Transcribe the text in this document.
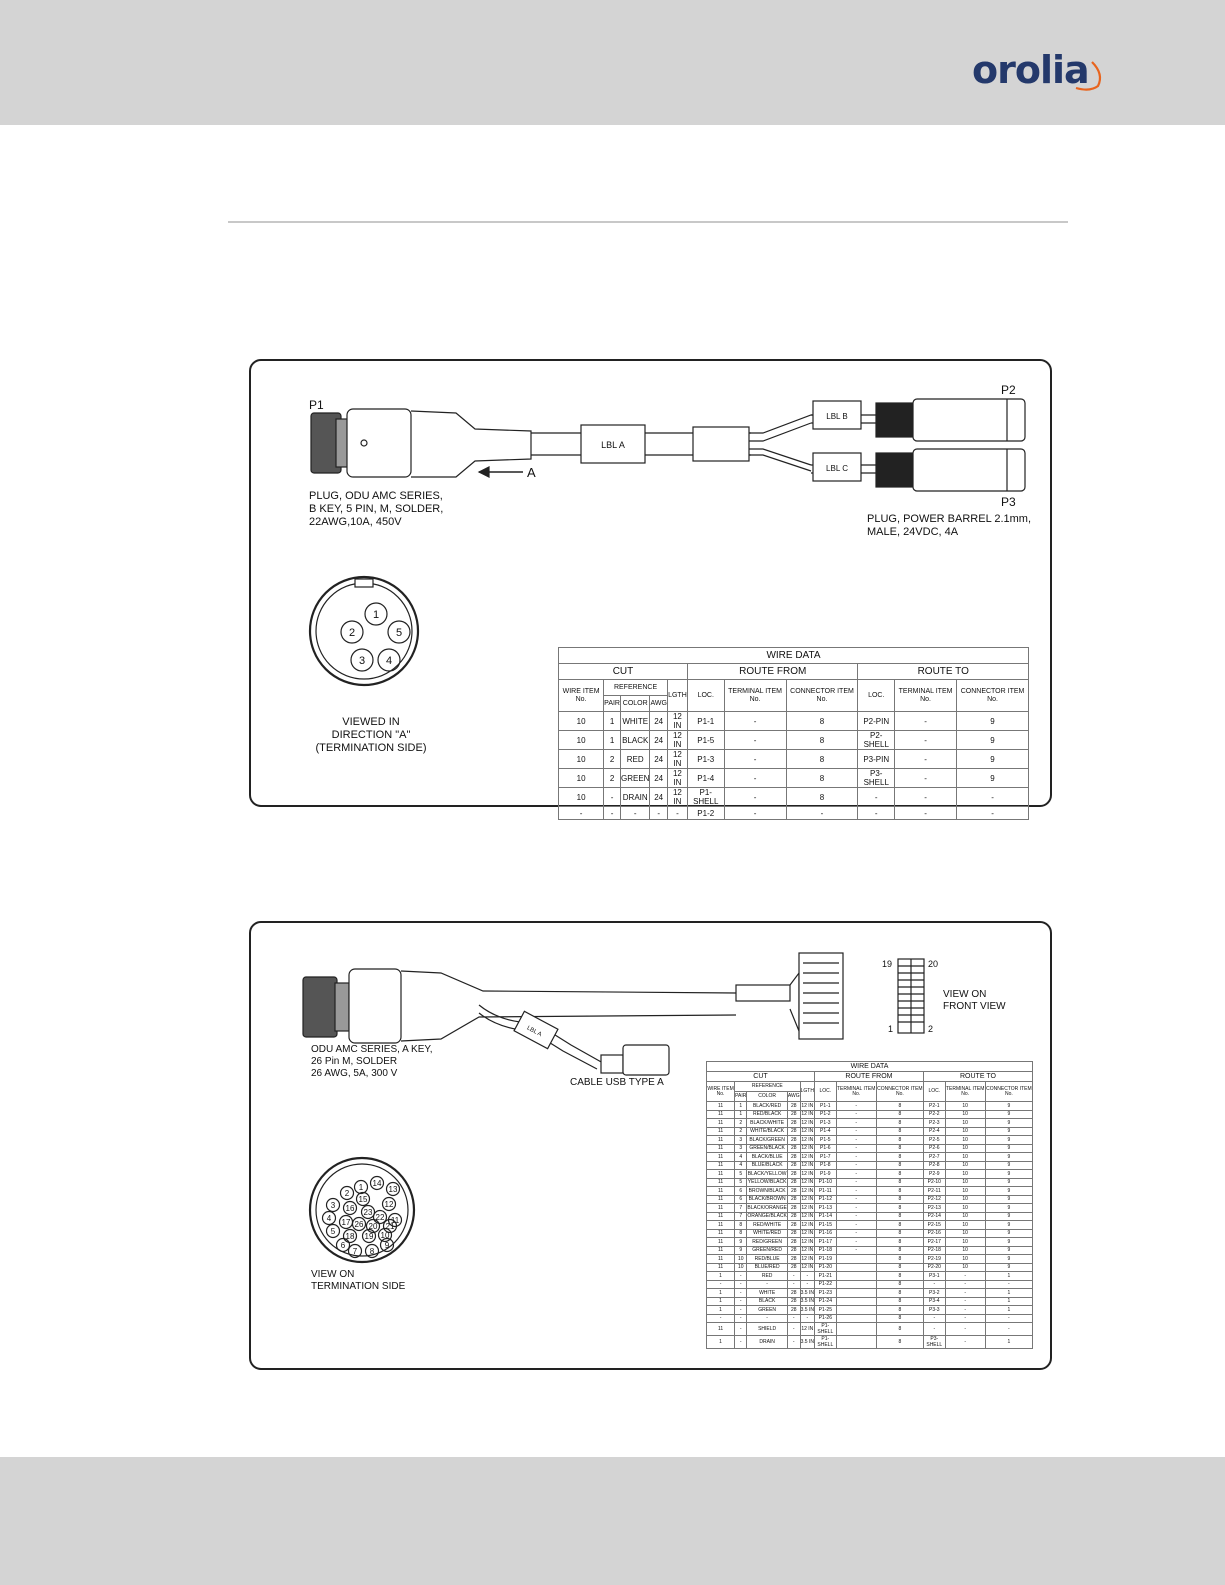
orolia
P1
P2
P3
LBL A
LBL B
LBL C
A
1
2	5
3 4
PLUG, ODU AMC SERIES,
B KEY, 5 PIN, M, SOLDER,
22AWG,10A, 450V	PLUG, POWER BARREL 2.1mm,
MALE, 24VDC, 4A
VIEWED IN DIRECTION "A"
(TERMINATION SIDE)
WIRE DATA										
CUT					ROUTE FROM			ROUTE TO		
WIRE ITEM No.	REFERENCE			LGTH	LOC.	TERMINAL ITEM No.	CONNECTOR ITEM No.	LOC.	TERMINAL ITEM No.	CONNECTOR ITEM No.
	PAIR	COLOR	AWG							
10	1	WHITE	24	12 IN	P1-1	-	8	P2-PIN	-	9
10	1	BLACK	24	12 IN	P1-5	-	8	P2-SHELL	-	9
10	2	RED	24	12 IN	P1-3	-	8	P3-PIN	-	9
10	2	GREEN	24	12 IN	P1-4	-	8	P3-SHELL	-	9
10	-	DRAIN	24	12 IN	P1-SHELL	-	8	-	-	-
-	-	-	-	-	P1-2	-	-	-	-	-
19	20
1	2
LBL A
1 14
2
15
13
3 16 23
12
22
4 17 26 20 21
11
5
18 19 10
6	9
7 8
VIEW ON
FRONT VIEW
ODU AMC SERIES, A KEY,
26 Pin M, SOLDER
26 AWG, 5A, 300 V
CABLE USB TYPE A
VIEW ON
TERMINATION SIDE
WIRE DATA										
CUT					ROUTE FROM			ROUTE TO		
WIRE ITEM No.	REFERENCE			LGTH	LOC.	TERMINAL ITEM No.	CONNECTOR ITEM No.	LOC.	TERMINAL ITEM No.	CONNECTOR ITEM No.
	PAIR	COLOR	AWG							
11	1	BLACK/RED	28	12 IN	P1-1	-	8	P2-1	10	9
11	1	RED/BLACK	28	12 IN	P1-2	-	8	P2-2	10	9
11	2	BLACK/WHITE	28	12 IN	P1-3	-	8	P2-3	10	9
11	2	WHITE/BLACK	28	12 IN	P1-4	-	8	P2-4	10	9
11	3	BLACK/GREEN	28	12 IN	P1-5	-	8	P2-5	10	9
11	3	GREEN/BLACK	28	12 IN	P1-6	-	8	P2-6	10	9
11	4	BLACK/BLUE	28	12 IN	P1-7	-	8	P2-7	10	9
11	4	BLUE/BLACK	28	12 IN	P1-8	-	8	P2-8	10	9
11	5	BLACK/YELLOW	28	12 IN	P1-9	-	8	P2-9	10	9
11	5	YELLOW/BLACK	28	12 IN	P1-10	-	8	P2-10	10	9
11	6	BROWN/BLACK	28	12 IN	P1-11	-	8	P2-11	10	9
11	6	BLACK/BROWN	28	12 IN	P1-12	-	8	P2-12	10	9
11	7	BLACK/ORANGE	28	12 IN	P1-13	-	8	P2-13	10	9
11	7	ORANGE/BLACK	28	12 IN	P1-14	-	8	P2-14	10	9
11	8	RED/WHITE	28	12 IN	P1-15	-	8	P2-15	10	9
11	8	WHITE/RED	28	12 IN	P1-16	-	8	P2-16	10	9
11	9	RED/GREEN	28	12 IN	P1-17	-	8	P2-17	10	9
11	9	GREEN/RED	28	12 IN	P1-18	-	8	P2-18	10	9
11	10	RED/BLUE	28	12 IN	P1-19		8	P2-19	10	9
11	10	BLUE/RED	28	12 IN	P1-20		8	P2-20	10	9
1	-	RED	-	-	P1-21		8	P3-1	-	1
-	-	-	-	-	P1-22		8	-	-	-
1	-	WHITE	28	3.5 IN	P1-23		8	P3-2	-	1
1	-	BLACK	28	3.5 IN	P1-24		8	P3-4	-	1
1	-	GREEN	28	3.5 IN	P1-25		8	P3-3	-	1
-	-	-	-	-	P1-26		8	-	-	-
11	-	SHIELD	-	12 IN	P1-SHELL		8	-	-	-
1	-	DRAIN	-	3.5 IN	P1-SHELL		8	P3-SHELL	-	1
